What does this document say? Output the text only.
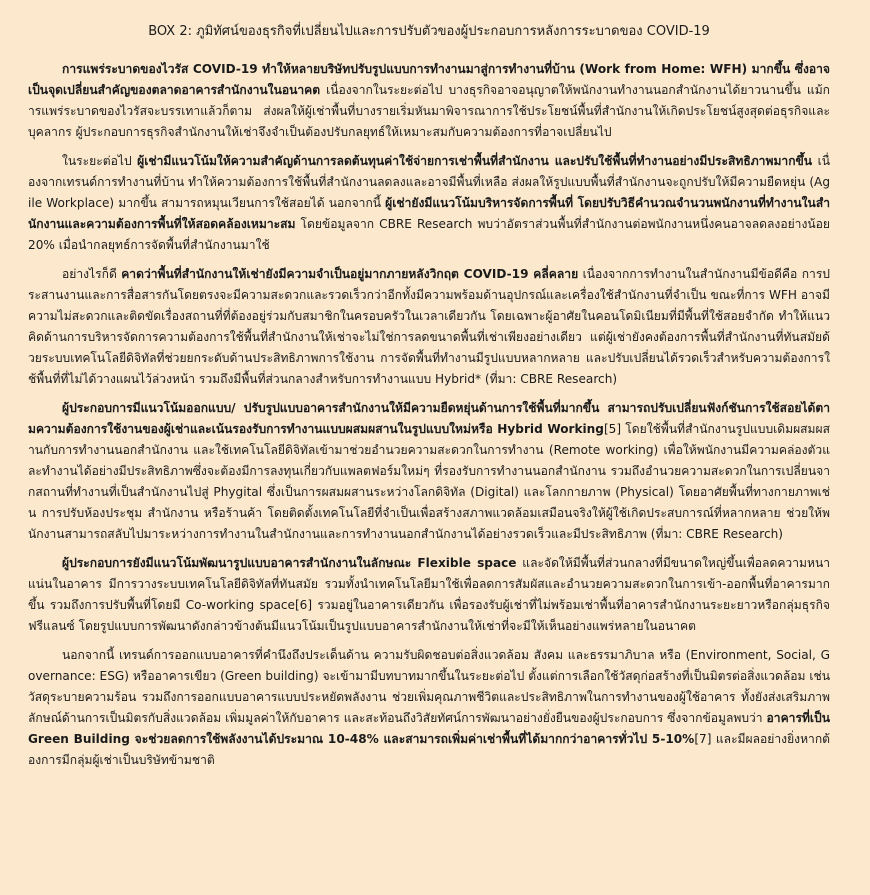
BOX 2: ภูมิทัศน์ของธุรกิจที่เปลี่ยนไปและการปรับตัวของผู้ประกอบการหลังการระบาดของ COVID-19

การแพร่ระบาดของไวรัส COVID-19 ทำให้หลายบริษัทปรับรูปแบบการทำงานมาสู่การทำงานที่บ้าน (Work from Home: WFH) มากขึ้น ซึ่งอาจเป็นจุดเปลี่ยนสำคัญของตลาดอาคารสำนักงานในอนาคต เนื่องจากในระยะต่อไป บางธุรกิจอาจอนุญาตให้พนักงานทำงานนอกสำนักงานได้ยาวนานขึ้น แม้การแพร่ระบาดของไวรัสจะบรรเทาแล้วก็ตาม ส่งผลให้ผู้เช่าพื้นที่บางรายเริ่มหันมาพิจารณาการใช้ประโยชน์พื้นที่สำนักงานให้เกิดประโยชน์สูงสุดต่อธุรกิจและบุคลากร ผู้ประกอบการธุรกิจสำนักงานให้เช่าจึงจำเป็นต้องปรับกลยุทธ์ให้เหมาะสมกับความต้องการที่อาจเปลี่ยนไป

ในระยะต่อไป ผู้เช่ามีแนวโน้มให้ความสำคัญด้านการลดต้นทุนค่าใช้จ่ายการเช่าพื้นที่สำนักงาน และปรับใช้พื้นที่ทำงานอย่างมีประสิทธิภาพมากขึ้น เนื่องจากเทรนด์การทำงานที่บ้าน ทำให้ความต้องการใช้พื้นที่สำนักงานลดลงและอาจมีพื้นที่เหลือ ส่งผลให้รูปแบบพื้นที่สำนักงานจะถูกปรับให้มีความยืดหยุ่น (Agile Workplace) มากขึ้น สามารถหมุนเวียนการใช้สอยได้ นอกจากนี้ ผู้เช่ายังมีแนวโน้มบริหารจัดการพื้นที่ โดยปรับวิธีคำนวณจำนวนพนักงานที่ทำงานในสำนักงานและความต้องการพื้นที่ให้สอดคล้องเหมาะสม โดยข้อมูลจาก CBRE Research พบว่าอัตราส่วนพื้นที่สำนักงานต่อพนักงานหนึ่งคนอาจลดลงอย่างน้อย 20% เมื่อนำกลยุทธ์การจัดพื้นที่สำนักงานมาใช้

อย่างไรก็ดี คาดว่าพื้นที่สำนักงานให้เช่ายังมีความจำเป็นอยู่มากภายหลังวิกฤต COVID-19 คลี่คลาย เนื่องจากการทำงานในสำนักงานมีข้อดีคือ การประสานงานและการสื่อสารกันโดยตรงจะมีความสะดวกและรวดเร็วกว่าอีกทั้งมีความพร้อมด้านอุปกรณ์และเครื่องใช้สำนักงานที่จำเป็น ขณะที่การ WFH อาจมีความไม่สะดวกและติดขัดเรื่องสถานที่ที่ต้องอยู่ร่วมกับสมาชิกในครอบครัวในเวลาเดียวกัน โดยเฉพาะผู้อาศัยในคอนโดมิเนียมที่มีพื้นที่ใช้สอยจำกัด ทำให้แนวคิดด้านการบริหารจัดการความต้องการใช้พื้นที่สำนักงานให้เช่าจะไม่ใช่การลดขนาดพื้นที่เช่าเพียงอย่างเดียว แต่ผู้เช่ายังคงต้องการพื้นที่สำนักงานที่ทันสมัยด้วยระบบเทคโนโลยีดิจิทัลที่ช่วยยกระดับด้านประสิทธิภาพการใช้งาน การจัดพื้นที่ทำงานมีรูปแบบหลากหลาย และปรับเปลี่ยนได้รวดเร็วสำหรับความต้องการใช้พื้นที่ที่ไม่ได้วางแผนไว้ล่วงหน้า รวมถึงมีพื้นที่ส่วนกลางสำหรับการทำงานแบบ Hybrid* (ที่มา: CBRE Research)

ผู้ประกอบการมีแนวโน้มออกแบบ/ ปรับรูปแบบอาคารสำนักงานให้มีความยืดหยุ่นด้านการใช้พื้นที่มากขึ้น สามารถปรับเปลี่ยนฟังก์ชันการใช้สอยได้ตามความต้องการใช้งานของผู้เช่าและเน้นรองรับการทำงานแบบผสมผสานในรูปแบบใหม่หรือ Hybrid Working[5] โดยใช้พื้นที่สำนักงานรูปแบบเดิมผสมผสานกับการทำงานนอกสำนักงาน และใช้เทคโนโลยีดิจิทัลเข้ามาช่วยอำนวยความสะดวกในการทำงาน (Remote working) เพื่อให้พนักงานมีความคล่องตัวและทำงานได้อย่างมีประสิทธิภาพซึ่งจะต้องมีการลงทุนเกี่ยวกับแพลตฟอร์มใหม่ๆ ที่รองรับการทำงานนอกสำนักงาน รวมถึงอำนวยความสะดวกในการเปลี่ยนจากสถานที่ทำงานที่เป็นสำนักงานไปสู่ Phygital ซึ่งเป็นการผสมผสานระหว่างโลกดิจิทัล (Digital) และโลกกายภาพ (Physical) โดยอาศัยพื้นที่ทางกายภาพเช่น การปรับห้องประชุม สำนักงาน หรือร้านค้า โดยติดตั้งเทคโนโลยีที่จำเป็นเพื่อสร้างสภาพแวดล้อมเสมือนจริงให้ผู้ใช้เกิดประสบการณ์ที่หลากหลาย ช่วยให้พนักงานสามารถสลับไปมาระหว่างการทำงานในสำนักงานและการทำงานนอกสำนักงานได้อย่างรวดเร็วและมีประสิทธิภาพ (ที่มา: CBRE Research)

ผู้ประกอบการยังมีแนวโน้มพัฒนารูปแบบอาคารสำนักงานในลักษณะ Flexible space และจัดให้มีพื้นที่ส่วนกลางที่มีขนาดใหญ่ขึ้นเพื่อลดความหนาแน่นในอาคาร มีการวางระบบเทคโนโลยีดิจิทัลที่ทันสมัย รวมทั้งนำเทคโนโลยีมาใช้เพื่อลดการสัมผัสและอำนวยความสะดวกในการเข้า-ออกพื้นที่อาคารมากขึ้น รวมถึงการปรับพื้นที่โดยมี Co-working space[6] รวมอยู่ในอาคารเดียวกัน เพื่อรองรับผู้เช่าที่ไม่พร้อมเช่าพื้นที่อาคารสำนักงานระยะยาวหรือกลุ่มธุรกิจฟรีแลนซ์ โดยรูปแบบการพัฒนาดังกล่าวข้างต้นมีแนวโน้มเป็นรูปแบบอาคารสำนักงานให้เช่าที่จะมีให้เห็นอย่างแพร่หลายในอนาคต

นอกจากนี้ เทรนด์การออกแบบอาคารที่คำนึงถึงประเด็นด้าน ความรับผิดชอบต่อสิ่งแวดล้อม สังคม และธรรมาภิบาล หรือ (Environment, Social, Governance: ESG) หรืออาคารเขียว (Green building) จะเข้ามามีบทบาทมากขึ้นในระยะต่อไป ตั้งแต่การเลือกใช้วัสดุก่อสร้างที่เป็นมิตรต่อสิ่งแวดล้อม เช่น วัสดุระบายความร้อน รวมถึงการออกแบบอาคารแบบประหยัดพลังงาน ช่วยเพิ่มคุณภาพชีวิตและประสิทธิภาพในการทำงานของผู้ใช้อาคาร ทั้งยังส่งเสริมภาพลักษณ์ด้านการเป็นมิตรกับสิ่งแวดล้อม เพิ่มมูลค่าให้กับอาคาร และสะท้อนถึงวิสัยทัศน์การพัฒนาอย่างยั่งยืนของผู้ประกอบการ ซึ่งจากข้อมูลพบว่า อาคารที่เป็น Green Building จะช่วยลดการใช้พลังงานได้ประมาณ 10-48% และสามารถเพิ่มค่าเช่าพื้นที่ได้มากกว่าอาคารทั่วไป 5-10%[7] และมีผลอย่างยิ่งหากต้องการมีกลุ่มผู้เช่าเป็นบริษัทข้ามชาติ
